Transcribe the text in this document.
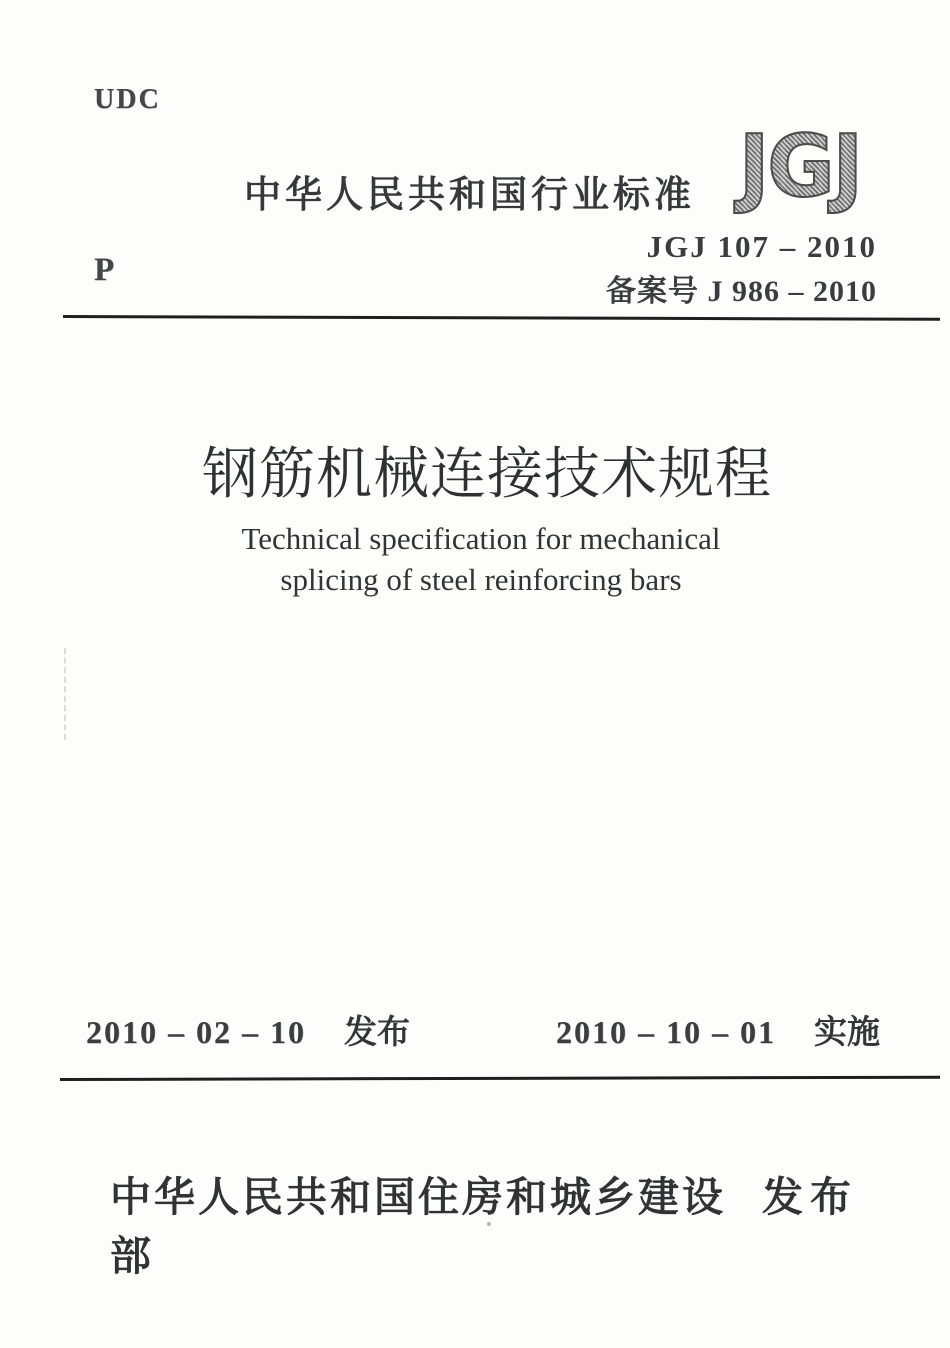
UDC
中华人民共和国行业标准 JGJ
JGJ 107 – 2010
备案号 J 986 – 2010
P
钢筋机械连接技术规程
Technical specification for mechanical
splicing of steel reinforcing bars
2010 – 02 – 10 发布	2010 – 10 – 01 实施
中华人民共和国住房和城乡建设部
发布
